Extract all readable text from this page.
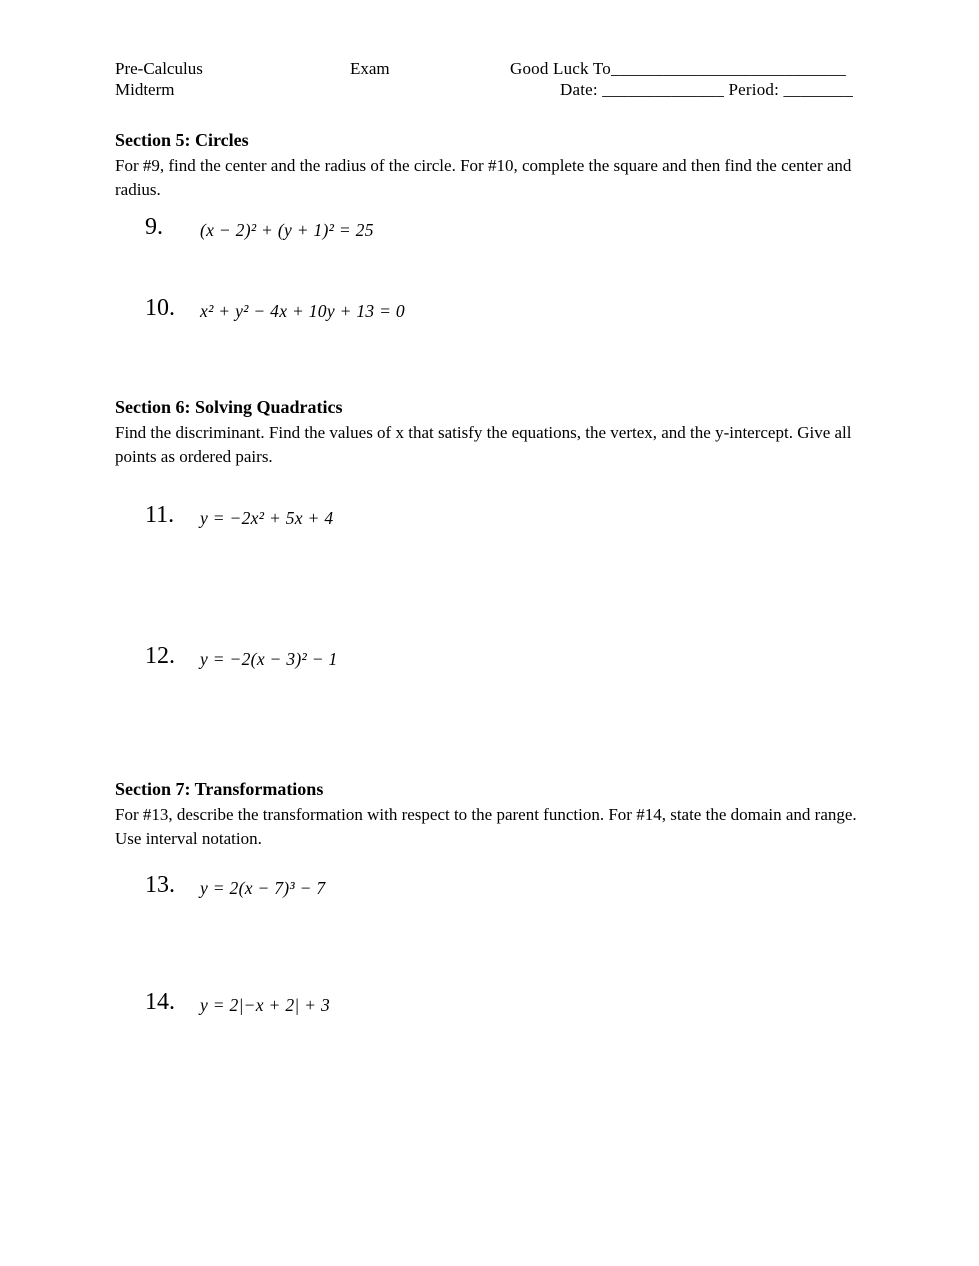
Pre-Calculus	Exam	Good Luck To___________________________
Midterm	Date: ______________ Period: ________
Section 5: Circles
For #9, find the center and the radius of the circle. For #10, complete the square and then find the center and radius.
9.	(x − 2)² + (y + 1)² = 25
10.	x² + y² − 4x + 10y + 13 = 0
Section 6: Solving Quadratics
Find the discriminant. Find the values of x that satisfy the equations, the vertex, and the y-intercept. Give all points as ordered pairs.
11.	y = −2x² + 5x + 4
12.	y = −2(x − 3)² − 1
Section 7: Transformations
For #13, describe the transformation with respect to the parent function. For #14, state the domain and range. Use interval notation.
13.	y = 2(x − 7)³ − 7
14.	y = 2|−x + 2| + 3
